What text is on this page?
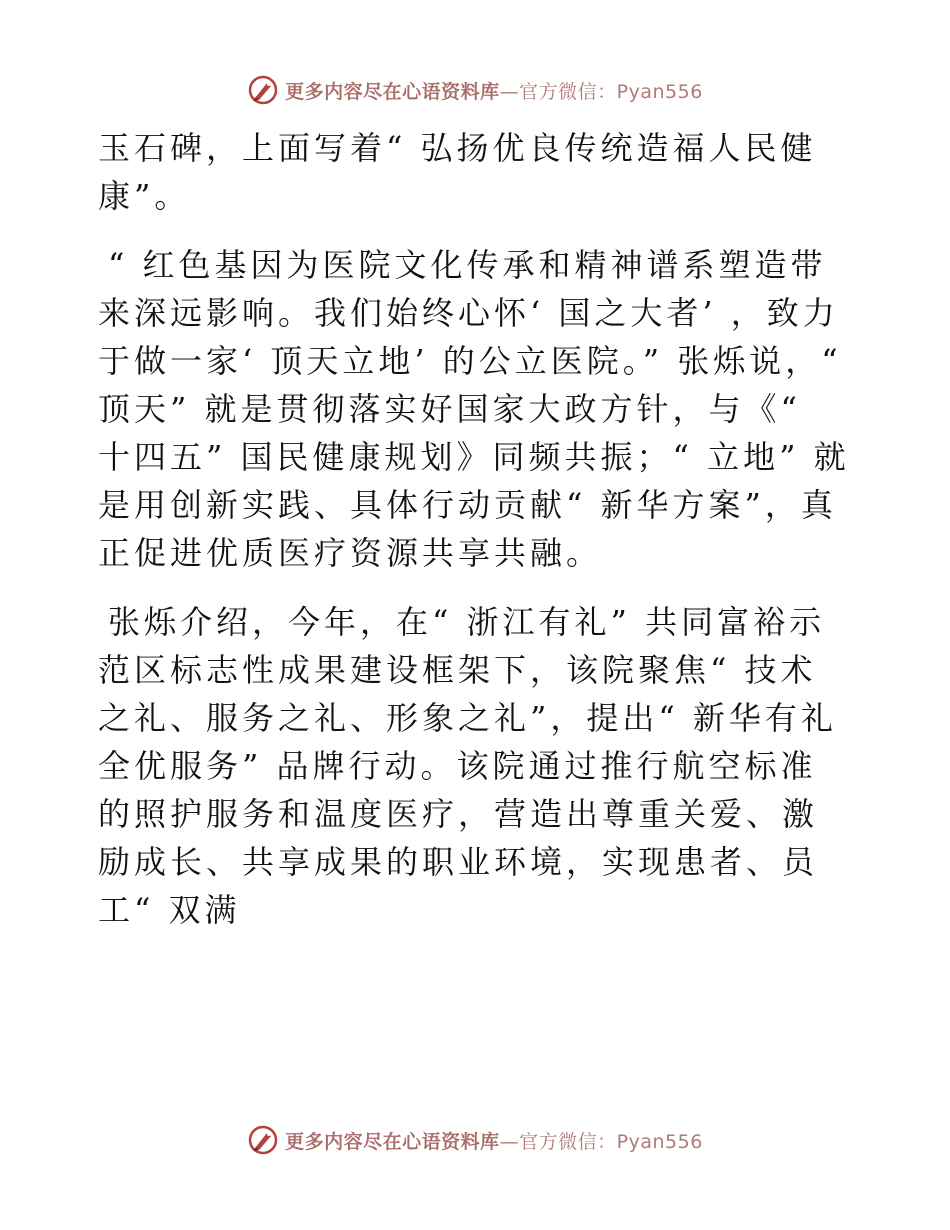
更多内容尽在心语资料库—官方微信：Pyan556

玉石碑，上面写着“ 弘扬优良传统造福人民健康”。

“ 红色基因为医院文化传承和精神谱系塑造带来深远影响。我们始终心怀‘ 国之大者’ ，致力于做一家‘ 顶天立地’ 的公立医院。” 张烁说，“ 顶天” 就是贯彻落实好国家大政方针，与《“ 十四五” 国民健康规划》同频共振；“ 立地” 就是用创新实践、具体行动贡献“ 新华方案”，真正促进优质医疗资源共享共融。

张烁介绍，今年，在“ 浙江有礼” 共同富裕示范区标志性成果建设框架下，该院聚焦“ 技术之礼、服务之礼、形象之礼”，提出“ 新华有礼全优服务” 品牌行动。该院通过推行航空标准的照护服务和温度医疗，营造出尊重关爱、激励成长、共享成果的职业环境，实现患者、员工“ 双满

更多内容尽在心语资料库—官方微信：Pyan556
